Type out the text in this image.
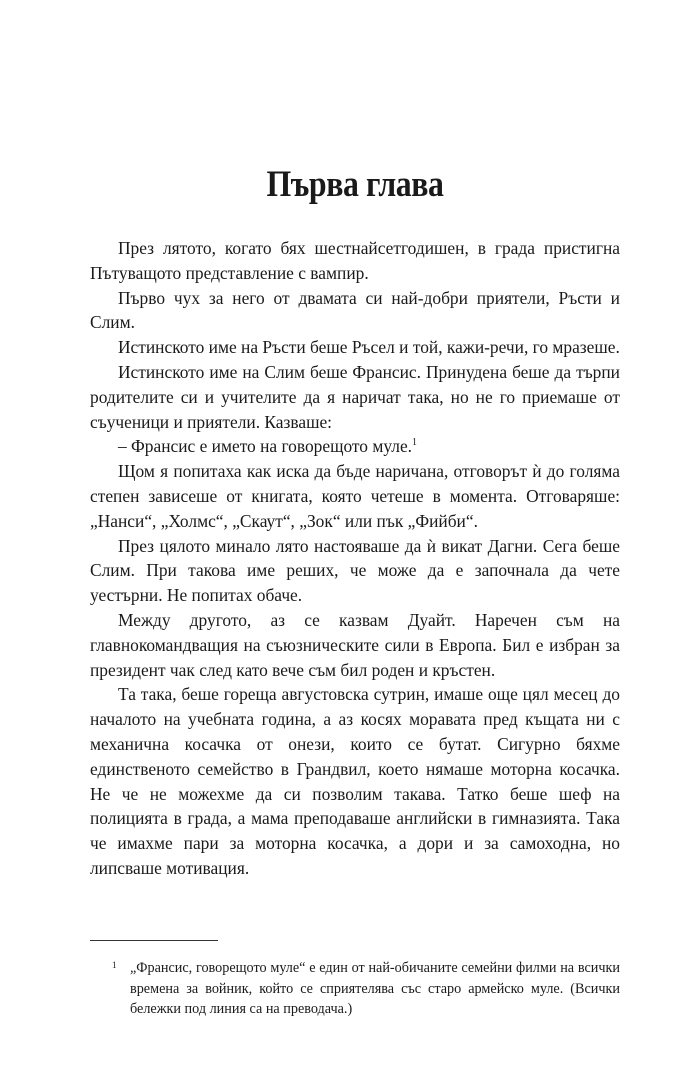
Първа глава

През лятото, когато бях шестнайсетгодишен, в града пристигна Пътуващото представление с вампир.

Първо чух за него от двамата си най-добри приятели, Ръсти и Слим.

Истинското име на Ръсти беше Ръсел и той, кажи-речи, го мразеше.

Истинското име на Слим беше Франсис. Принудена беше да търпи родителите си и учителите да я наричат така, но не го приемаше от съученици и приятели. Казваше:

– Франсис е името на говорещото муле.$^1$

Щом я попитаха как иска да бъде наричана, отговорът ѝ до голяма степен зависеше от книгата, която четеше в момента. Отговаряше: „Нанси“, „Холмс“, „Скаут“, „Зок“ или пък „Фийби“.

През цялото минало лято настояваше да ѝ викат Дагни. Сега беше Слим. При такова име реших, че може да е започнала да чете уестърни. Не попитах обаче.

Между другото, аз се казвам Дуайт. Наречен съм на главнокомандващия на съюзническите сили в Европа. Бил е избран за президент чак след като вече съм бил роден и кръстен.

Та така, беше гореща августовска сутрин, имаше още цял месец до началото на учебната година, а аз косях моравата пред къщата ни с механична косачка от онези, които се бутат. Сигурно бяхме единственото семейство в Грандвил, което нямаше моторна косачка. Не че не можехме да си позволим такава. Татко беше шеф на полицията в града, а мама преподаваше английски в гимназията. Така че имахме пари за моторна косачка, а дори и за самоходна, но липсваше мотивация.

1 „Франсис, говорещото муле“ е един от най-обичаните семейни филми на всички времена за войник, който се сприятелява със старо армейско муле. (Всички бележки под линия са на преводача.)
